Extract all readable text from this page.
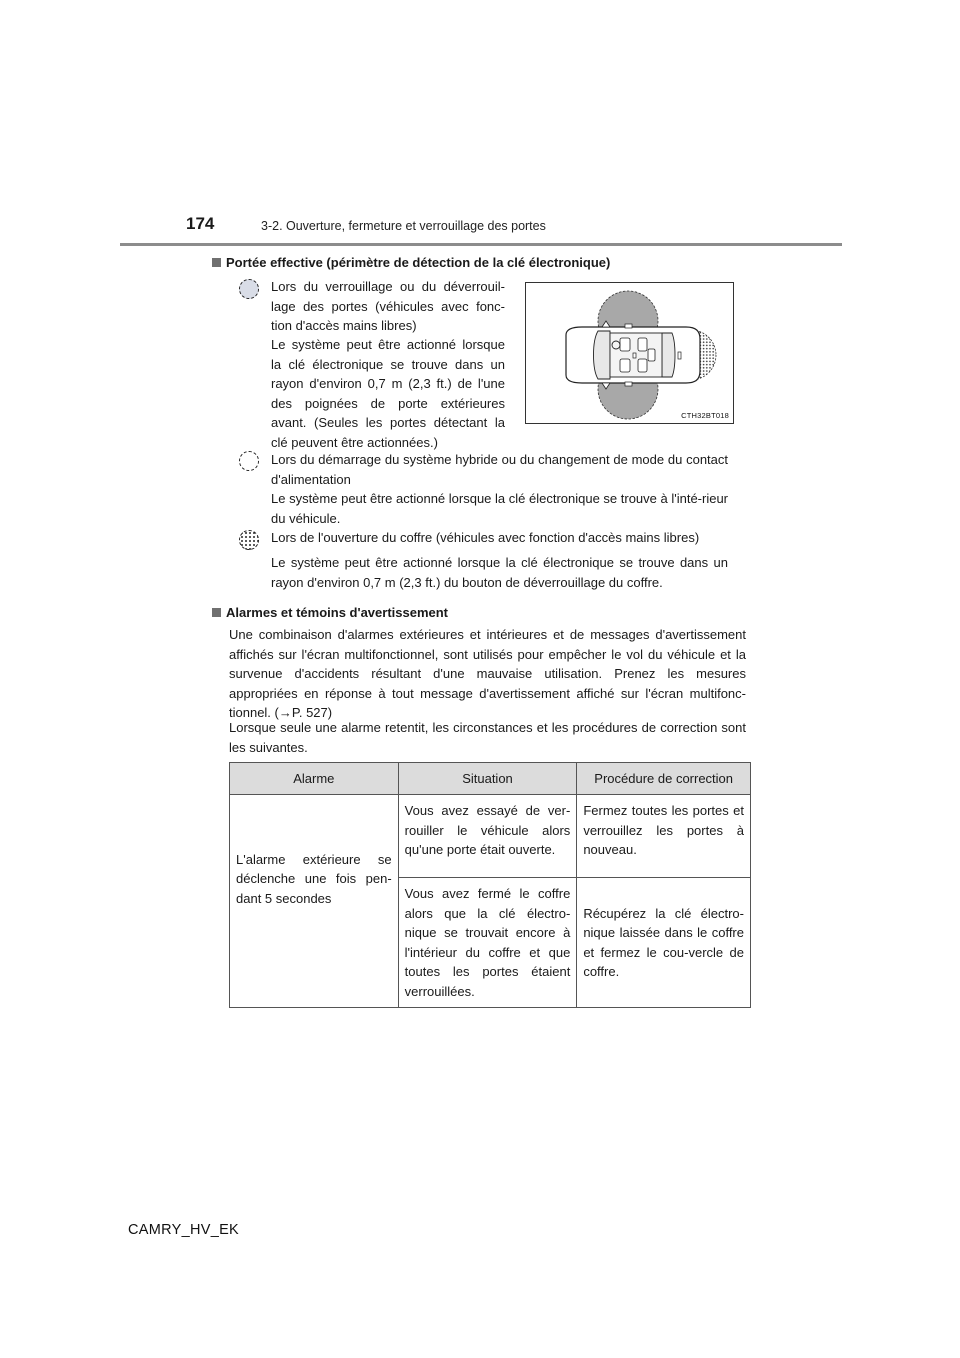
174	3-2. Ouverture, fermeture et verrouillage des portes
Portée effective (périmètre de détection de la clé électronique)
Lors du verrouillage ou du déverrouil-lage des portes (véhicules avec fonc-tion d'accès mains libres)
Le système peut être actionné lorsque la clé électronique se trouve dans un rayon d'environ 0,7 m (2,3 ft.) de l'une des poignées de porte extérieures avant. (Seules les portes détectant la clé peuvent être actionnées.)
CTH32BT018
Lors du démarrage du système hybride ou du changement de mode du contact d'alimentation
Le système peut être actionné lorsque la clé électronique se trouve à l'inté-rieur du véhicule.
Lors de l'ouverture du coffre (véhicules avec fonction d'accès mains libres)
Le système peut être actionné lorsque la clé électronique se trouve dans un rayon d'environ 0,7 m (2,3 ft.) du bouton de déverrouillage du coffre.
Alarmes et témoins d'avertissement
Une combinaison d'alarmes extérieures et intérieures et de messages d'avertissement affichés sur l'écran multifonctionnel, sont utilisés pour empêcher le vol du véhicule et la survenue d'accidents résultant d'une mauvaise utilisation. Prenez les mesures appropriées en réponse à tout message d'avertissement affiché sur l'écran multifonc-tionnel. (→P. 527)
Lorsque seule une alarme retentit, les circonstances et les procédures de correction sont les suivantes.
Alarme	Situation	Procédure de correction
L'alarme extérieure se déclenche une fois pen-dant 5 secondes	Vous avez essayé de ver-rouiller le véhicule alors qu'une porte était ouverte.	Fermez toutes les portes et verrouillez les portes à nouveau.
	Vous avez fermé le coffre alors que la clé électro-nique se trouvait encore à l'intérieur du coffre et que toutes les portes étaient verrouillées.	Récupérez la clé électro-nique laissée dans le coffre et fermez le cou-vercle de coffre.
CAMRY_HV_EK
